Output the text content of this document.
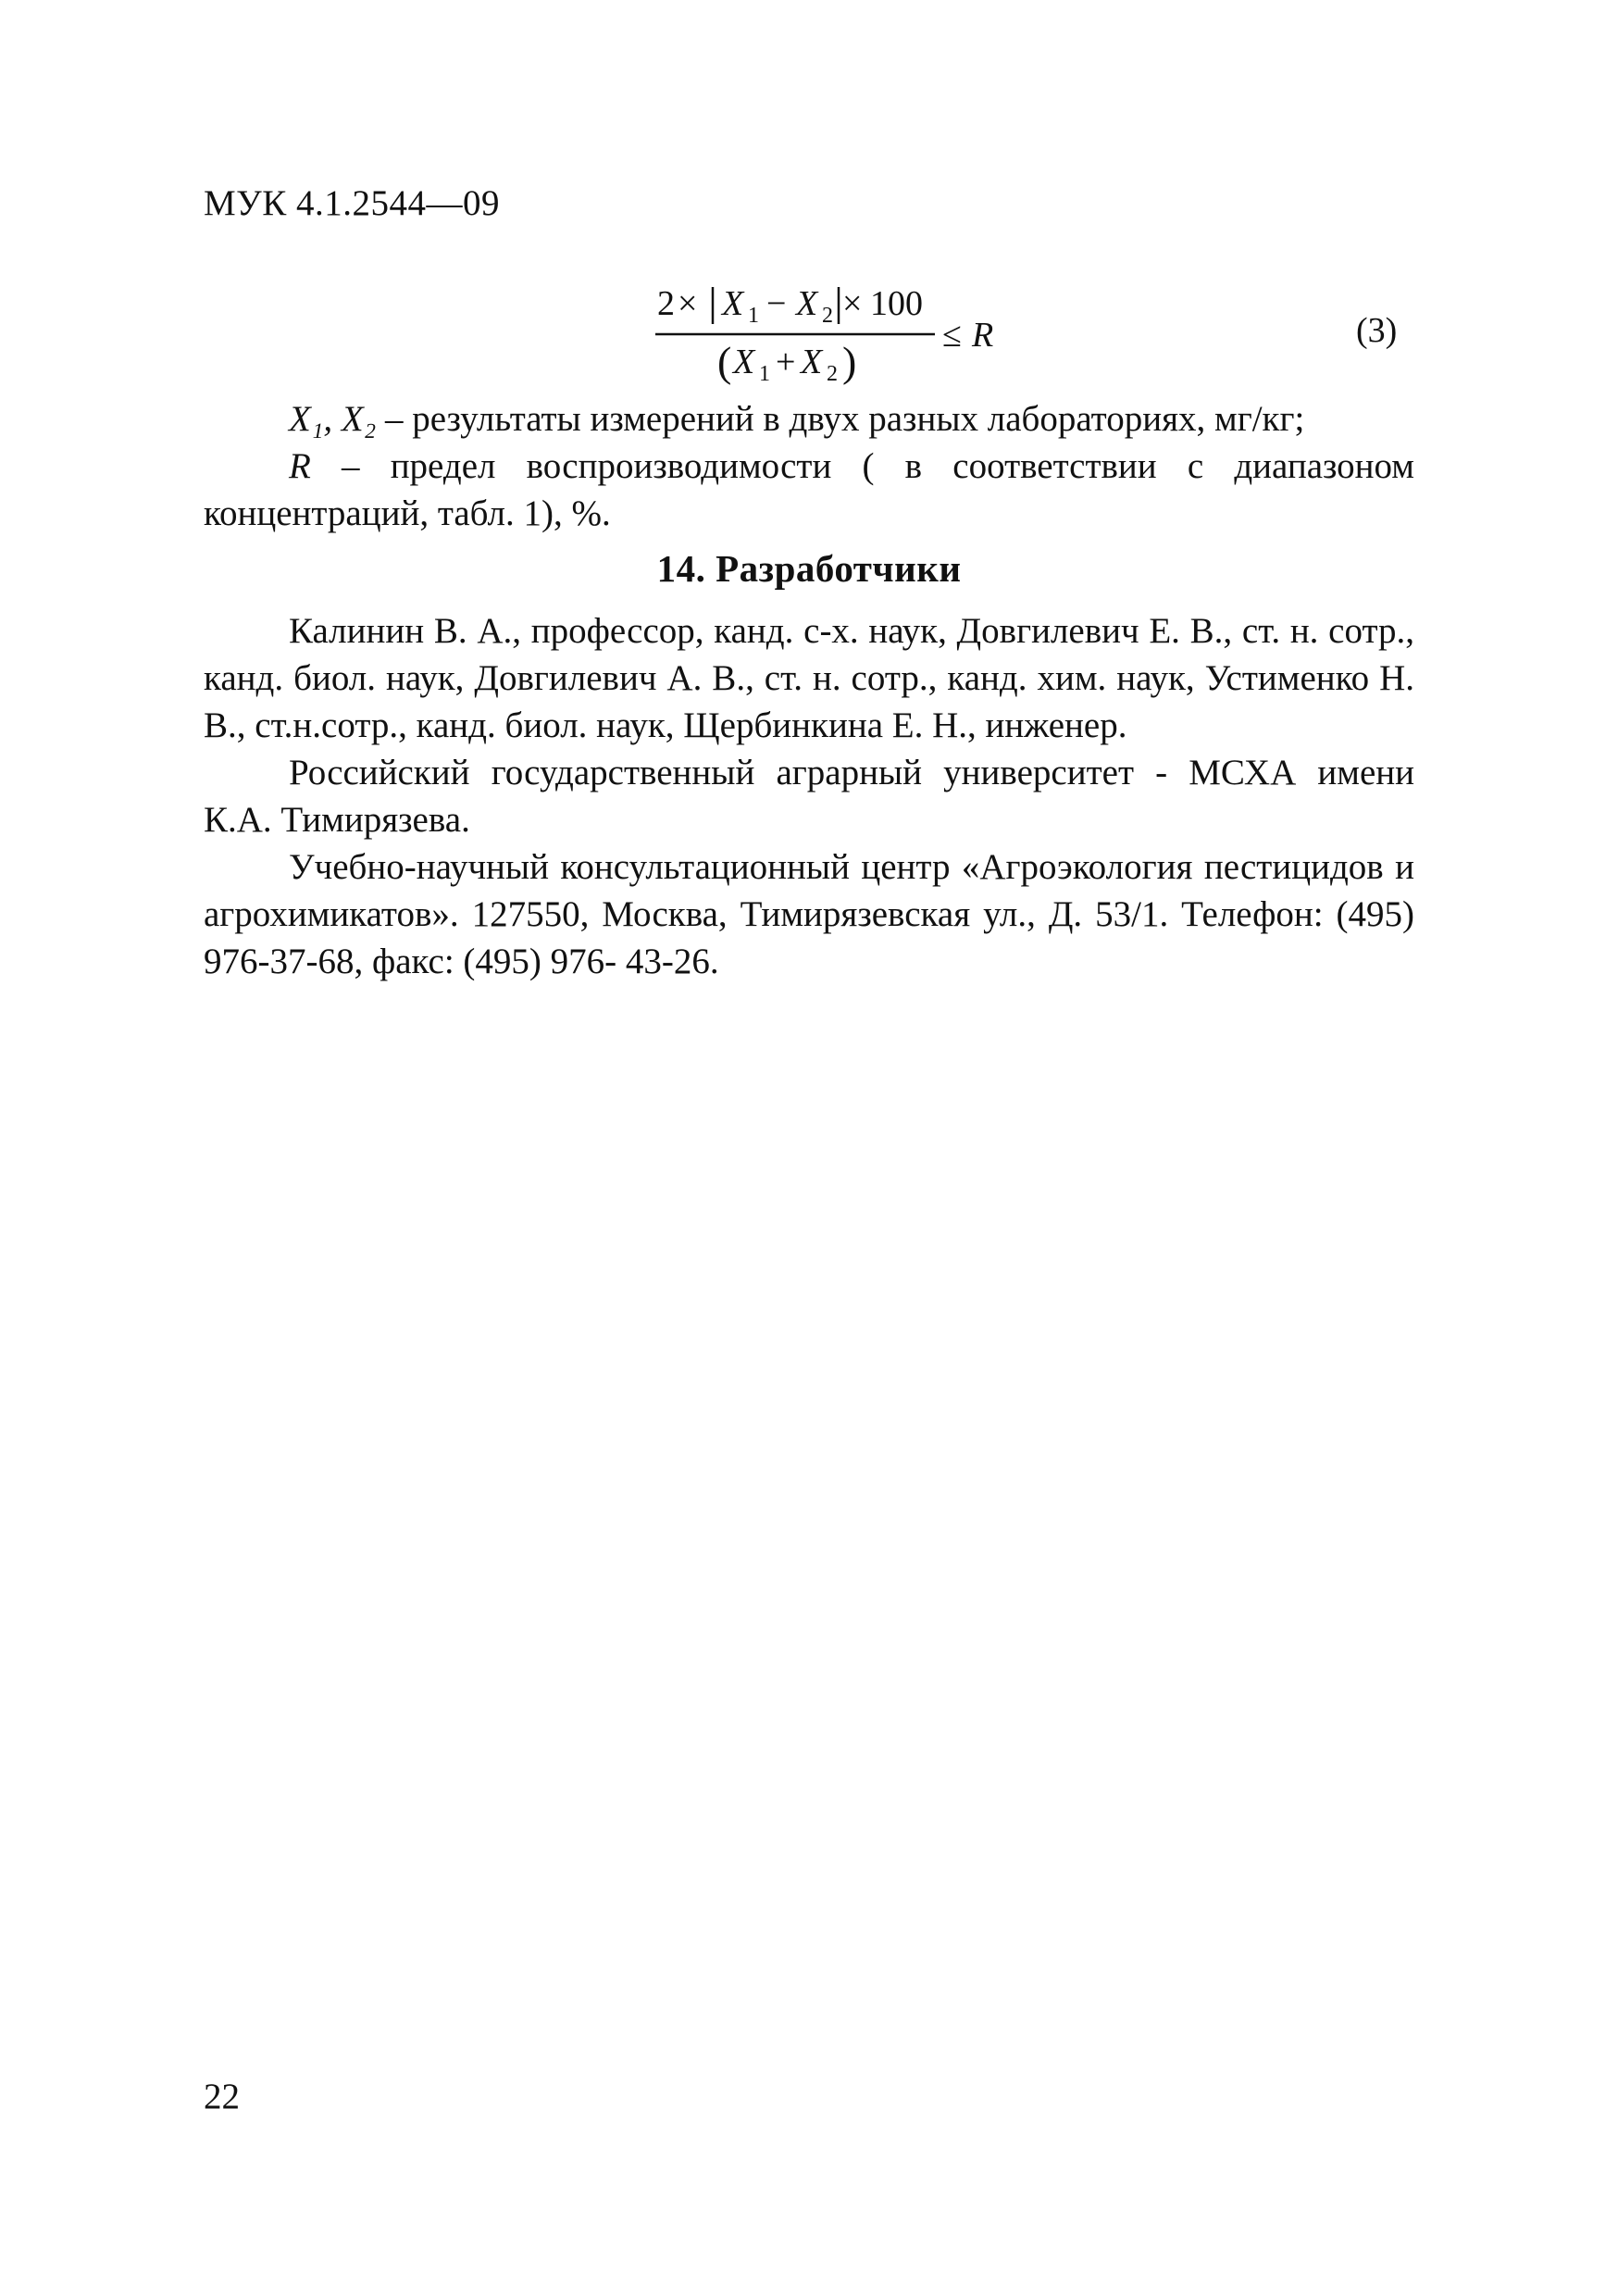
МУК 4.1.2544—09
2 × X 1 − X 2 × 100
( X 1 + X 2 )
≤ R	(3)

X₁, X₂ – результаты измерений в двух разных лабораториях, мг/кг;

R – предел воспроизводимости ( в соответствии с диапазоном концентраций, табл. 1), %.

14. Разработчики

Калинин В. А., профессор, канд. с-х. наук, Довгилевич Е. В., ст. н. сотр., канд. биол. наук, Довгилевич А. В., ст. н. сотр., канд. хим. наук, Устименко Н. В., ст.н.сотр., канд. биол. наук, Щербинкина Е. Н., инженер.

Российский государственный аграрный университет - МСХА имени К.А. Тимирязева.

Учебно-научный консультационный центр «Агроэкология пестицидов и агрохимикатов». 127550, Москва, Тимирязевская ул., Д. 53/1. Телефон: (495) 976-37-68, факс: (495) 976- 43-26.

22
